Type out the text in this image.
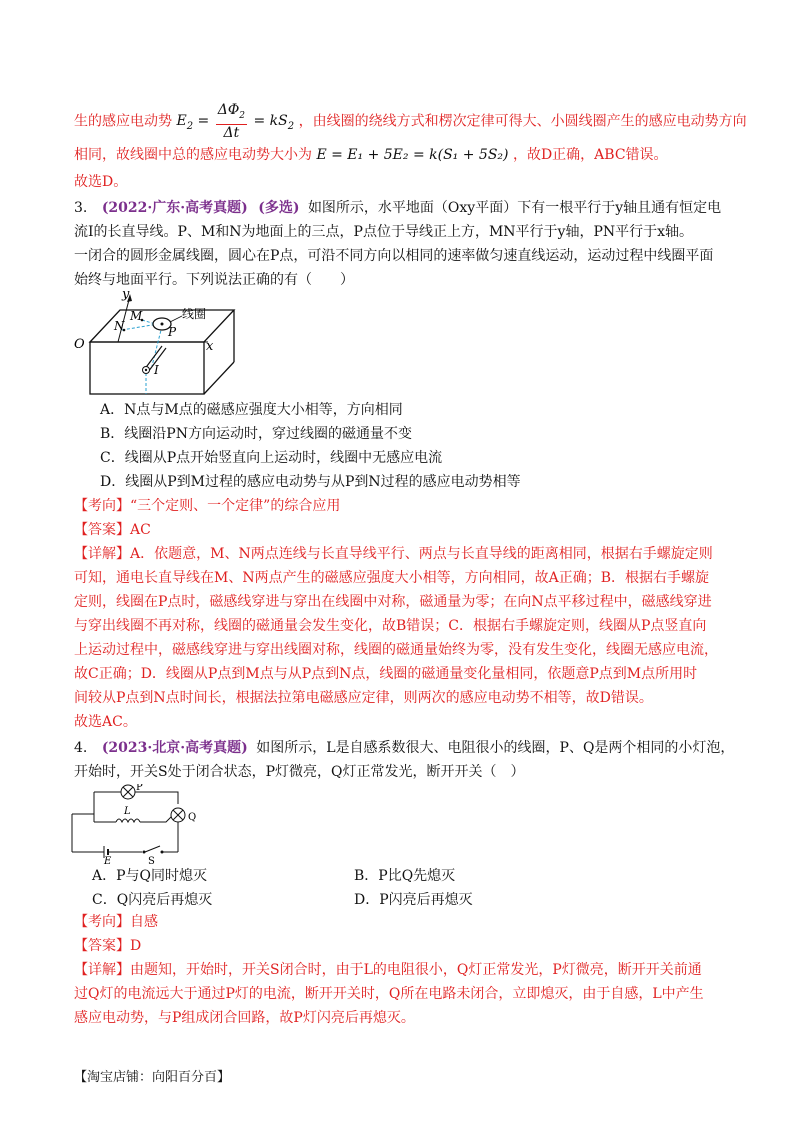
生的感应电动势 $E_2 = \frac{\Delta\Phi_2}{\Delta t} = kS_2$ ，由线圈的绕线方式和楞次定律可得大、小圆线圈产生的感应电动势方向
相同，故线圈中总的感应电动势大小为 E = E₁ + 5E₂ = k(S₁ + 5S₂) ，故D正确，ABC错误。
故选D。
3. (2022·广东·高考真题) (多选) 如图所示，水平地面（Oxy平面）下有一根平行于y轴且通有恒定电
流I的长直导线。P、M和N为地面上的三点，P点位于导线正上方，MN平行于y轴，PN平行于x轴。
一闭合的圆形金属线圈，圆心在P点，可沿不同方向以相同的速率做匀速直线运动，运动过程中线圈平面
始终与地面平行。下列说法正确的有（　　）
y
x
O
M
N	P
I
线圈
A．N点与M点的磁感应强度大小相等，方向相同
B．线圈沿PN方向运动时，穿过线圈的磁通量不变
C．线圈从P点开始竖直向上运动时，线圈中无感应电流
D．线圈从P到M过程的感应电动势与从P到N过程的感应电动势相等
【考向】“三个定则、一个定律”的综合应用
【答案】AC
【详解】A．依题意，M、N两点连线与长直导线平行、两点与长直导线的距离相同，根据右手螺旋定则
可知，通电长直导线在M、N两点产生的磁感应强度大小相等，方向相同，故A正确；B．根据右手螺旋
定则，线圈在P点时，磁感线穿进与穿出在线圈中对称，磁通量为零；在向N点平移过程中，磁感线穿进
与穿出线圈不再对称，线圈的磁通量会发生变化，故B错误；C．根据右手螺旋定则，线圈从P点竖直向
上运动过程中，磁感线穿进与穿出线圈对称，线圈的磁通量始终为零，没有发生变化，线圈无感应电流，
故C正确；D．线圈从P点到M点与从P点到N点，线圈的磁通量变化量相同，依题意P点到M点所用时
间较从P点到N点时间长，根据法拉第电磁感应定律，则两次的感应电动势不相等，故D错误。
故选AC。
4. (2023·北京·高考真题) 如图所示，L是自感系数很大、电阻很小的线圈，P、Q是两个相同的小灯泡，
开始时，开关S处于闭合状态，P灯微亮，Q灯正常发光，断开开关（　）
P
Q
L
E	S
A．P与Q同时熄灭	B．P比Q先熄灭
C．Q闪亮后再熄灭	D．P闪亮后再熄灭
【考向】自感
【答案】D
【详解】由题知，开始时，开关S闭合时，由于L的电阻很小，Q灯正常发光，P灯微亮，断开开关前通
过Q灯的电流远大于通过P灯的电流，断开开关时，Q所在电路未闭合，立即熄灭，由于自感，L中产生
感应电动势，与P组成闭合回路，故P灯闪亮后再熄灭。
【淘宝店铺：向阳百分百】
